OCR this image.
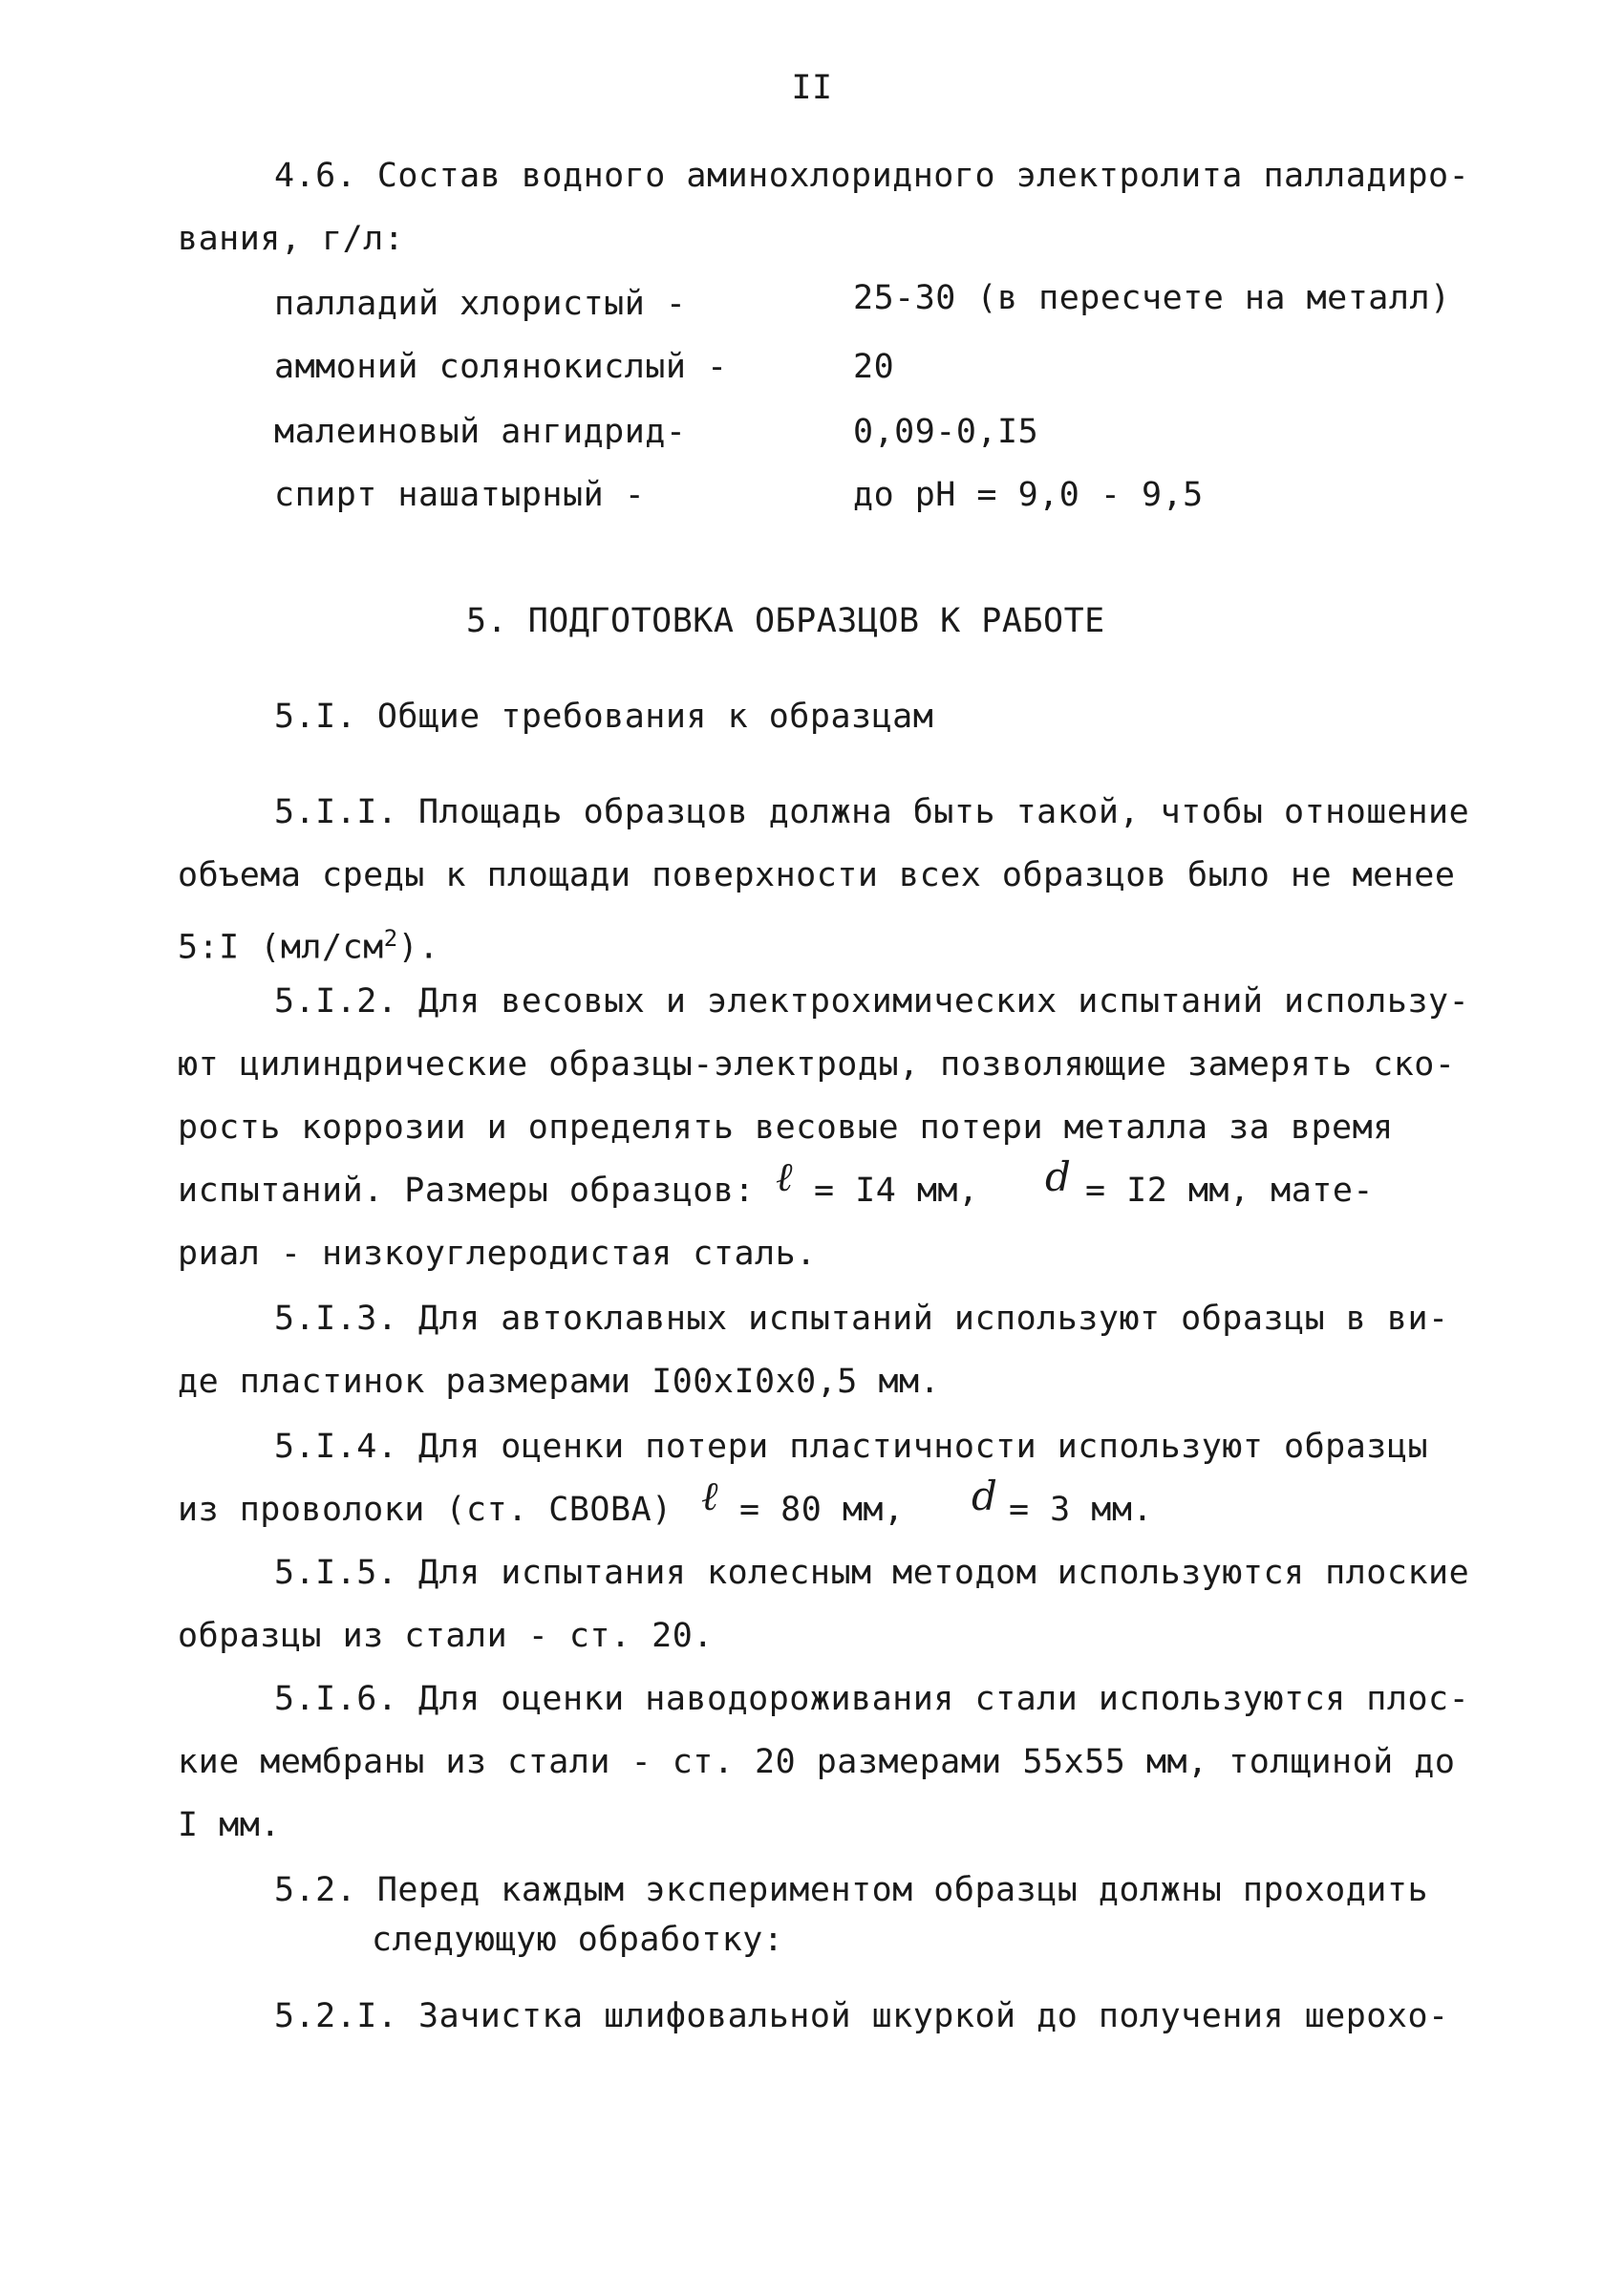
II
4.6. Состав водного аминохлоридного электролита палладиро-
вания, г/л:
палладий хлористый -	25-30 (в пересчете на металл)
аммоний солянокислый -	20
малеиновый ангидрид-	0,09-0,I5
спирт нашатырный -	до pH = 9,0 - 9,5
5. ПОДГОТОВКА ОБРАЗЦОВ К РАБОТЕ
5.I. Общие требования к образцам
5.I.I. Площадь образцов должна быть такой, чтобы отношение
объема среды к площади поверхности всех образцов было не менее
5:I $(мл/см^2)$.
5.I.2. Для весовых и электрохимических испытаний использу-
ют цилиндрические образцы-электроды, позволяющие замерять ско-
рость коррозии и определять весовые потери металла за время
испытаний. Размеры образцов: ℓ = I4 мм, d = I2 мм, мате-
риал - низкоуглеродистая сталь.
5.I.3. Для автоклавных испытаний используют образцы в ви-
де пластинок размерами I00xI0x0,5 мм.
5.I.4. Для оценки потери пластичности используют образцы
из проволоки (ст. СВОВА) ℓ = 80 мм, d = 3 мм.
5.I.5. Для испытания колесным методом используются плоские
образцы из стали - ст. 20.
5.I.6. Для оценки наводороживания стали используются плос-
кие мембраны из стали - ст. 20 размерами 55x55 мм, толщиной до
I мм.
5.2. Перед каждым экспериментом образцы должны проходить
следующую обработку:
5.2.I. Зачистка шлифовальной шкуркой до получения шерохо-
